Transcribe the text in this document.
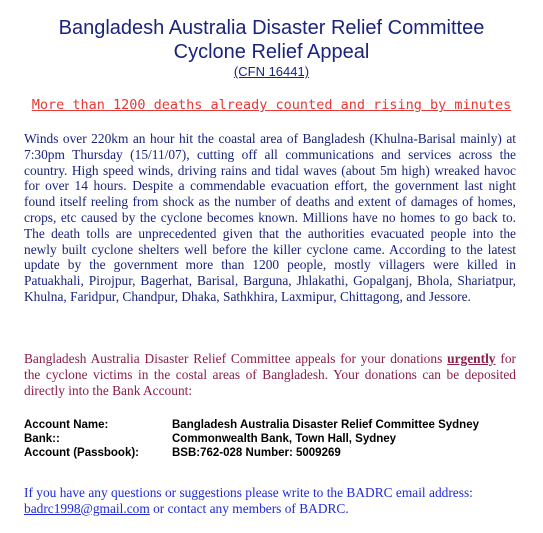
Bangladesh Australia Disaster Relief Committee
Cyclone Relief Appeal
(CFN 16441)
More than 1200 deaths already counted and rising by minutes
Winds over 220km an hour hit the coastal area of Bangladesh (Khulna-Barisal mainly) at 7:30pm Thursday (15/11/07), cutting off all communications and services across the country. High speed winds, driving rains and tidal waves (about 5m high) wreaked havoc for over 14 hours. Despite a commendable evacuation effort, the government last night found itself reeling from shock as the number of deaths and extent of damages of homes, crops, etc caused by the cyclone becomes known. Millions have no homes to go back to. The death tolls are unprecedented given that the authorities evacuated people into the newly built cyclone shelters well before the killer cyclone came. According to the latest update by the government more than 1200 people, mostly villagers were killed in Patuakhali, Pirojpur, Bagerhat, Barisal, Barguna, Jhlakathi, Gopalganj, Bhola, Shariatpur, Khulna, Faridpur, Chandpur, Dhaka, Sathkhira, Laxmipur, Chittagong, and Jessore.
Bangladesh Australia Disaster Relief Committee appeals for your donations urgently for the cyclone victims in the costal areas of Bangladesh. Your donations can be deposited directly into the Bank Account:
Account Name:	Bangladesh Australia Disaster Relief Committee Sydney
Bank::	Commonwealth Bank, Town Hall, Sydney
Account (Passbook):	BSB:762-028 Number: 5009269
If you have any questions or suggestions please write to the BADRC email address: badrc1998@gmail.com or contact any members of BADRC.
